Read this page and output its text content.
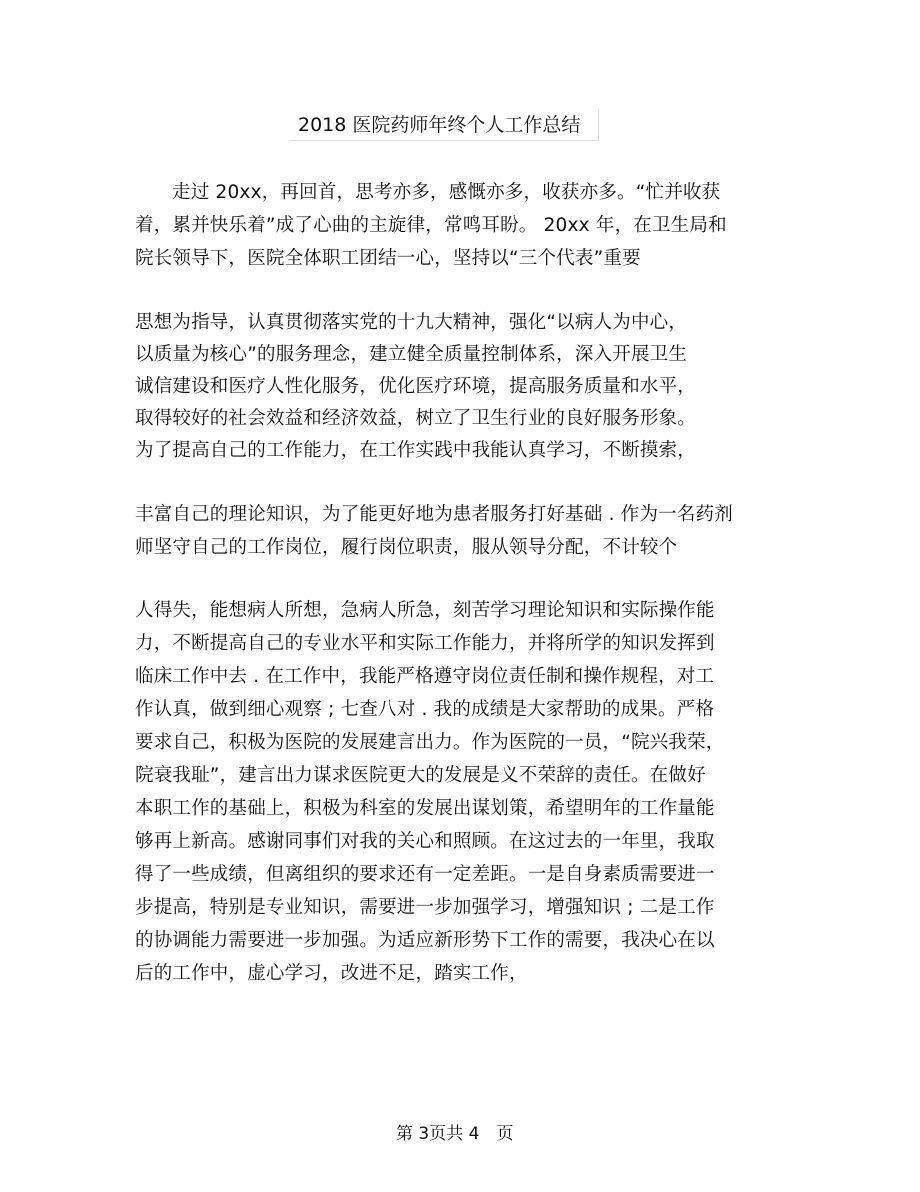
2018 医院药师年终个人工作总结
走过 20xx，再回首，思考亦多，感慨亦多，收获亦多。“忙并收获
着，累并快乐着”成了心曲的主旋律，常鸣耳盼。 20xx 年，在卫生局和
院长领导下，医院全体职工团结一心，坚持以“三个代表”重要
思想为指导，认真贯彻落实党的十九大精神，强化“以病人为中心，
以质量为核心”的服务理念，建立健全质量控制体系，深入开展卫生
诚信建设和医疗人性化服务，优化医疗环境，提高服务质量和水平，
取得较好的社会效益和经济效益，树立了卫生行业的良好服务形象。
为了提高自己的工作能力，在工作实践中我能认真学习，不断摸索，
丰富自己的理论知识，为了能更好地为患者服务打好基础 . 作为一名药剂
师坚守自己的工作岗位，履行岗位职责，服从领导分配，不计较个
人得失，能想病人所想，急病人所急，刻苦学习理论知识和实际操作能
力，不断提高自己的专业水平和实际工作能力，并将所学的知识发挥到
临床工作中去 . 在工作中，我能严格遵守岗位责任制和操作规程，对工
作认真，做到细心观察 ; 七查八对 . 我的成绩是大家帮助的成果。严格
要求自己，积极为医院的发展建言出力。作为医院的一员，“院兴我荣，
院衰我耻”，建言出力谋求医院更大的发展是义不荣辞的责任。在做好
本职工作的基础上，积极为科室的发展出谋划策，希望明年的工作量能
够再上新高。感谢同事们对我的关心和照顾。在这过去的一年里，我取
得了一些成绩，但离组织的要求还有一定差距。一是自身素质需要进一
步提高，特别是专业知识，需要进一步加强学习，增强知识 ; 二是工作
的协调能力需要进一步加强。为适应新形势下工作的需要，我决心在以
后的工作中，虚心学习，改进不足，踏实工作，
第 3页共 4　页
